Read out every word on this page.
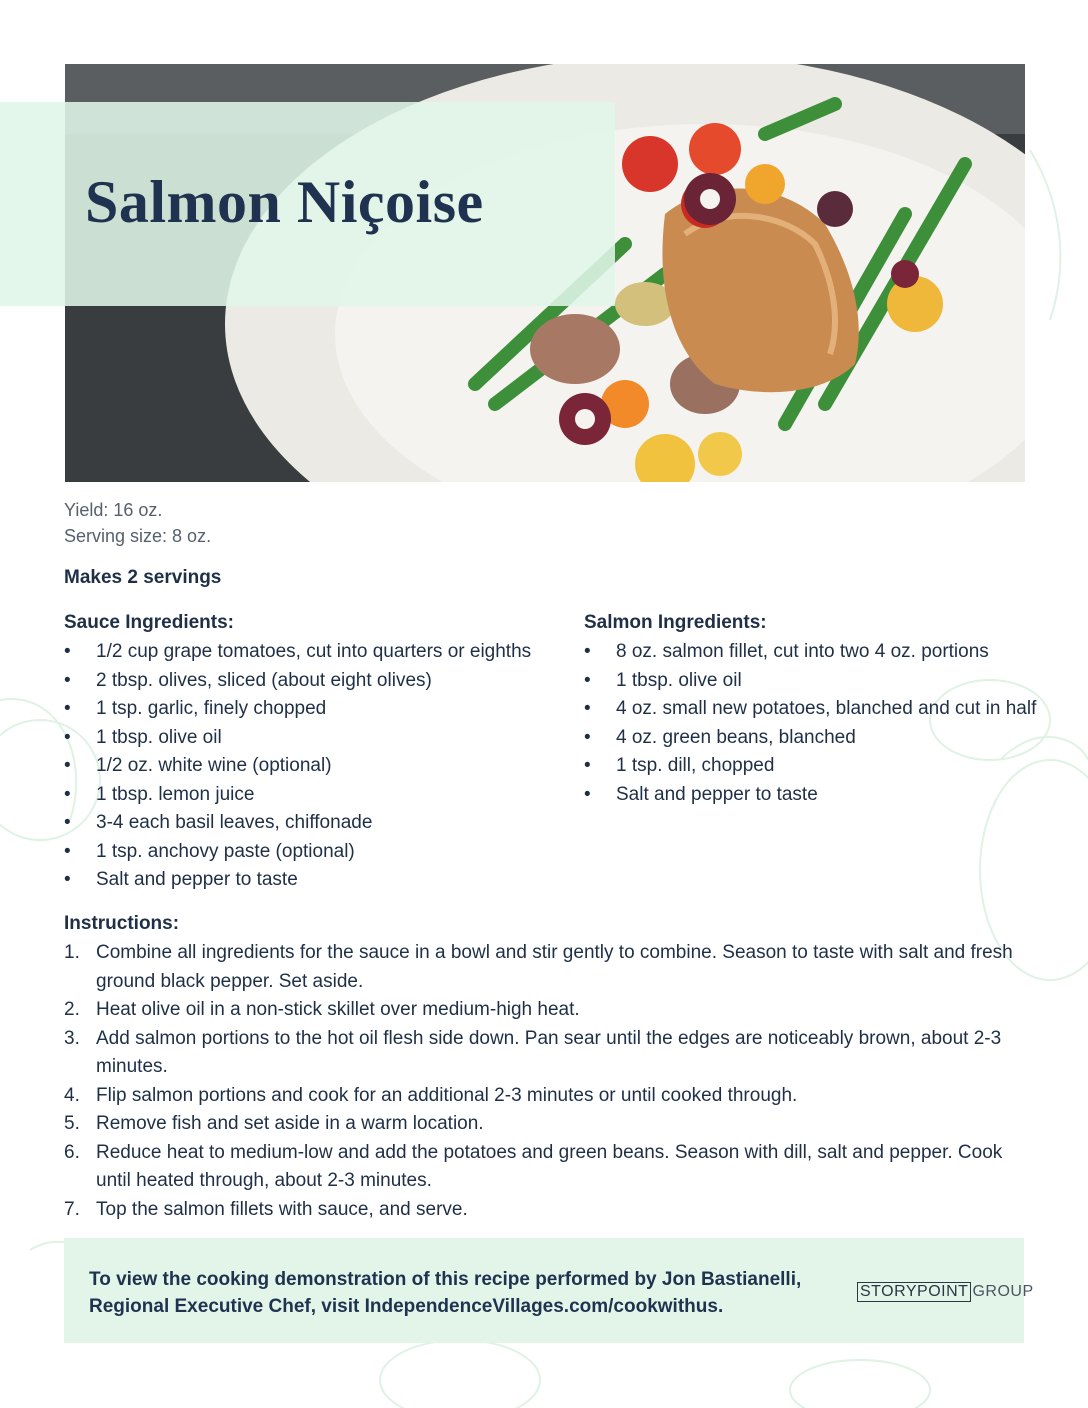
Salmon Niçoise
Yield: 16 oz.
Serving size: 8 oz.
Makes 2 servings
Sauce Ingredients:
• 1/2 cup grape tomatoes, cut into quarters or eighths
• 2 tbsp. olives, sliced (about eight olives)
• 1 tsp. garlic, finely chopped
• 1 tbsp. olive oil
• 1/2 oz. white wine (optional)
• 1 tbsp. lemon juice
• 3-4 each basil leaves, chiffonade
• 1 tsp. anchovy paste (optional)
• Salt and pepper to taste
Salmon Ingredients:
• 8 oz. salmon fillet, cut into two 4 oz. portions
• 1 tbsp. olive oil
• 4 oz. small new potatoes, blanched and cut in half
• 4 oz. green beans, blanched
• 1 tsp. dill, chopped
• Salt and pepper to taste
Instructions:
1. Combine all ingredients for the sauce in a bowl and stir gently to combine. Season to taste with salt and fresh ground black pepper. Set aside.
2. Heat olive oil in a non-stick skillet over medium-high heat.
3. Add salmon portions to the hot oil flesh side down. Pan sear until the edges are noticeably brown, about 2-3 minutes.
4. Flip salmon portions and cook for an additional 2-3 minutes or until cooked through.
5. Remove fish and set aside in a warm location.
6. Reduce heat to medium-low and add the potatoes and green beans. Season with dill, salt and pepper. Cook until heated through, about 2-3 minutes.
7. Top the salmon fillets with sauce, and serve.
To view the cooking demonstration of this recipe performed by Jon Bastianelli,
Regional Executive Chef, visit IndependenceVillages.com/cookwithus.
STORYPOINT GROUP
